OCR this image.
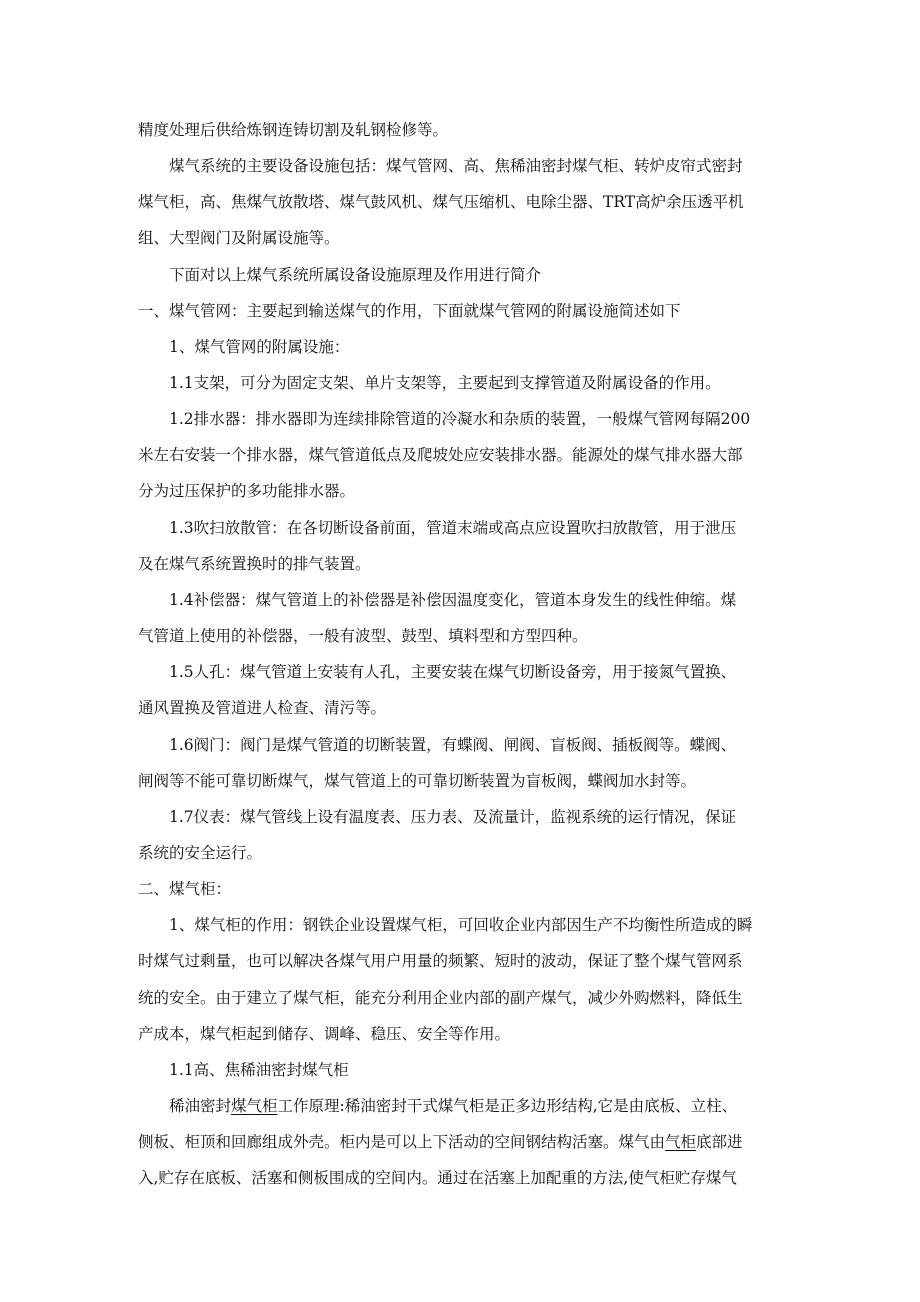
精度处理后供给炼钢连铸切割及轧钢检修等。
　　煤气系统的主要设备设施包括：煤气管网、高、焦稀油密封煤气柜、转炉皮帘式密封
煤气柜，高、焦煤气放散塔、煤气鼓风机、煤气压缩机、电除尘器、TRT高炉余压透平机
组、大型阀门及附属设施等。
　　下面对以上煤气系统所属设备设施原理及作用进行简介
一、煤气管网：主要起到输送煤气的作用，下面就煤气管网的附属设施简述如下
　　1、煤气管网的附属设施：
　　1.1支架，可分为固定支架、单片支架等，主要起到支撑管道及附属设备的作用。
　　1.2排水器：排水器即为连续排除管道的冷凝水和杂质的装置，一般煤气管网每隔200
米左右安装一个排水器，煤气管道低点及爬坡处应安装排水器。能源处的煤气排水器大部
分为过压保护的多功能排水器。
　　1.3吹扫放散管：在各切断设备前面，管道末端或高点应设置吹扫放散管，用于泄压
及在煤气系统置换时的排气装置。
　　1.4补偿器：煤气管道上的补偿器是补偿因温度变化，管道本身发生的线性伸缩。煤
气管道上使用的补偿器，一般有波型、鼓型、填料型和方型四种。
　　1.5人孔：煤气管道上安装有人孔，主要安装在煤气切断设备旁，用于接氮气置换、
通风置换及管道进人检查、清污等。
　　1.6阀门：阀门是煤气管道的切断装置，有蝶阀、闸阀、盲板阀、插板阀等。蝶阀、
闸阀等不能可靠切断煤气，煤气管道上的可靠切断装置为盲板阀，蝶阀加水封等。
　　1.7仪表：煤气管线上设有温度表、压力表、及流量计，监视系统的运行情况，保证
系统的安全运行。
二、煤气柜：
　　1、煤气柜的作用：钢铁企业设置煤气柜，可回收企业内部因生产不均衡性所造成的瞬
时煤气过剩量，也可以解决各煤气用户用量的频繁、短时的波动，保证了整个煤气管网系
统的安全。由于建立了煤气柜，能充分利用企业内部的副产煤气，减少外购燃料，降低生
产成本，煤气柜起到储存、调峰、稳压、安全等作用。
　　1.1高、焦稀油密封煤气柜
　　稀油密封煤气柜工作原理:稀油密封干式煤气柜是正多边形结构,它是由底板、立柱、
侧板、柜顶和回廊组成外壳。柜内是可以上下活动的空间钢结构活塞。煤气由气柜底部进
入,贮存在底板、活塞和侧板围成的空间内。通过在活塞上加配重的方法,使气柜贮存煤气
